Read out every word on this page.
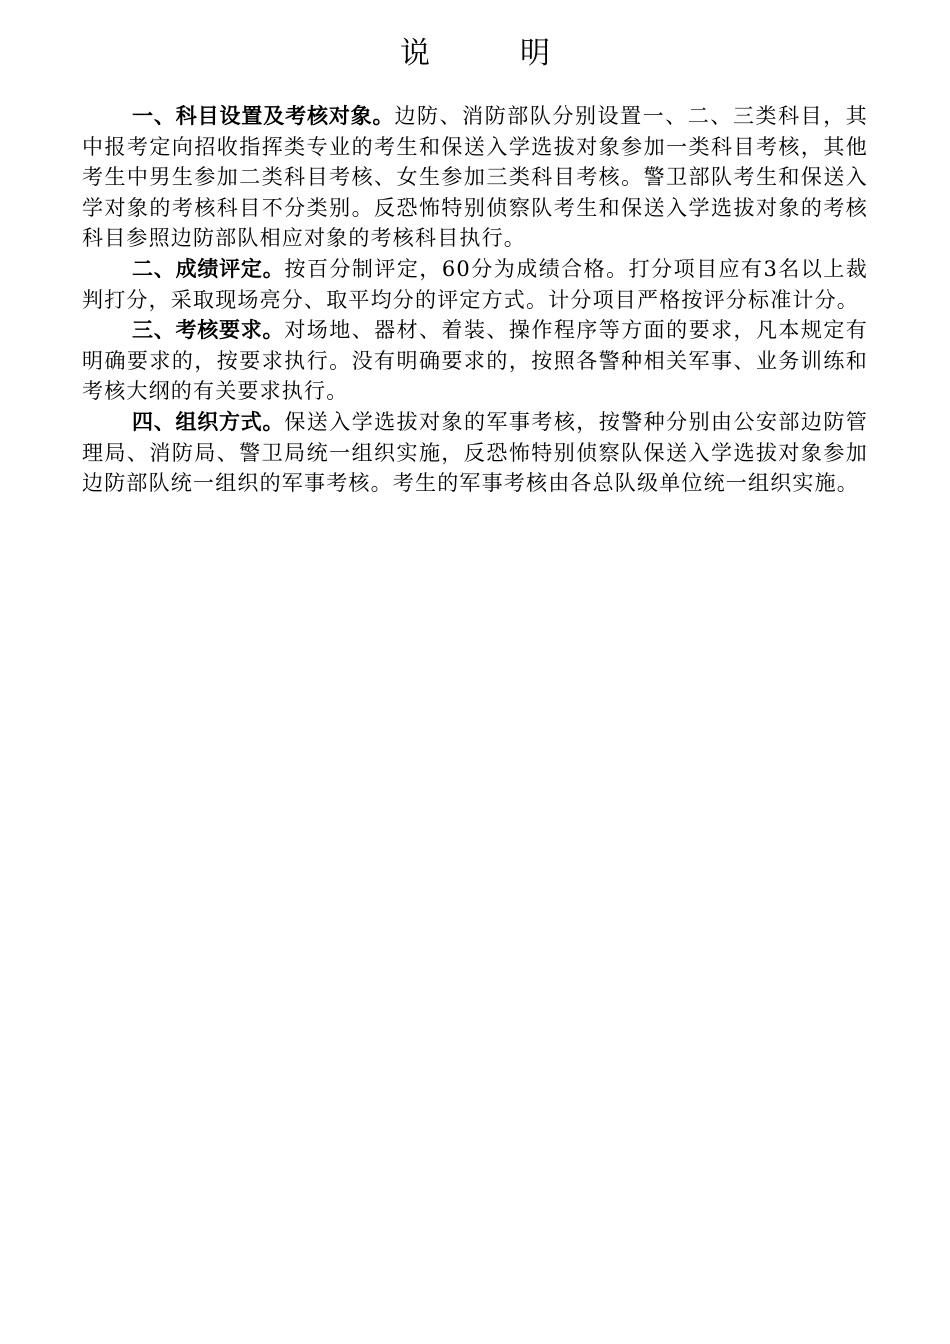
说　明

一、科目设置及考核对象。边防、消防部队分别设置一、二、三类科目，其中报考定向招收指挥类专业的考生和保送入学选拔对象参加一类科目考核，其他考生中男生参加二类科目考核、女生参加三类科目考核。警卫部队考生和保送入学对象的考核科目不分类别。反恐怖特别侦察队考生和保送入学选拔对象的考核科目参照边防部队相应对象的考核科目执行。

二、成绩评定。按百分制评定，60分为成绩合格。打分项目应有3名以上裁判打分，采取现场亮分、取平均分的评定方式。计分项目严格按评分标准计分。

三、考核要求。对场地、器材、着装、操作程序等方面的要求，凡本规定有明确要求的，按要求执行。没有明确要求的，按照各警种相关军事、业务训练和考核大纲的有关要求执行。

四、组织方式。保送入学选拔对象的军事考核，按警种分别由公安部边防管理局、消防局、警卫局统一组织实施，反恐怖特别侦察队保送入学选拔对象参加边防部队统一组织的军事考核。考生的军事考核由各总队级单位统一组织实施。
